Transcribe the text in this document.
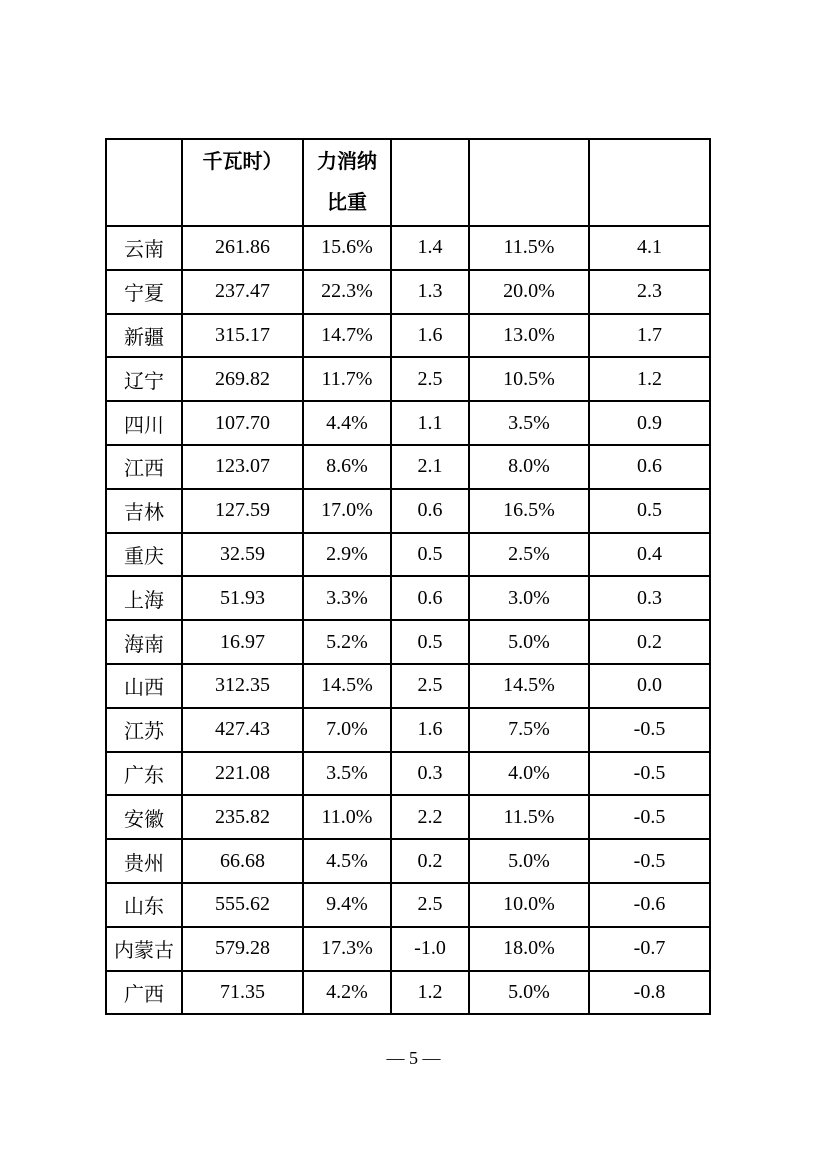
	千瓦时）	力消纳
比重			

云南	261.86	15.6%	1.4	11.5%	4.1
宁夏	237.47	22.3%	1.3	20.0%	2.3
新疆	315.17	14.7%	1.6	13.0%	1.7
辽宁	269.82	11.7%	2.5	10.5%	1.2
四川	107.70	4.4%	1.1	3.5%	0.9
江西	123.07	8.6%	2.1	8.0%	0.6
吉林	127.59	17.0%	0.6	16.5%	0.5
重庆	32.59	2.9%	0.5	2.5%	0.4
上海	51.93	3.3%	0.6	3.0%	0.3
海南	16.97	5.2%	0.5	5.0%	0.2
山西	312.35	14.5%	2.5	14.5%	0.0
江苏	427.43	7.0%	1.6	7.5%	-0.5
广东	221.08	3.5%	0.3	4.0%	-0.5
安徽	235.82	11.0%	2.2	11.5%	-0.5
贵州	66.68	4.5%	0.2	5.0%	-0.5
山东	555.62	9.4%	2.5	10.0%	-0.6
内蒙古	579.28	17.3%	-1.0	18.0%	-0.7
广西	71.35	4.2%	1.2	5.0%	-0.8
— 5 —
